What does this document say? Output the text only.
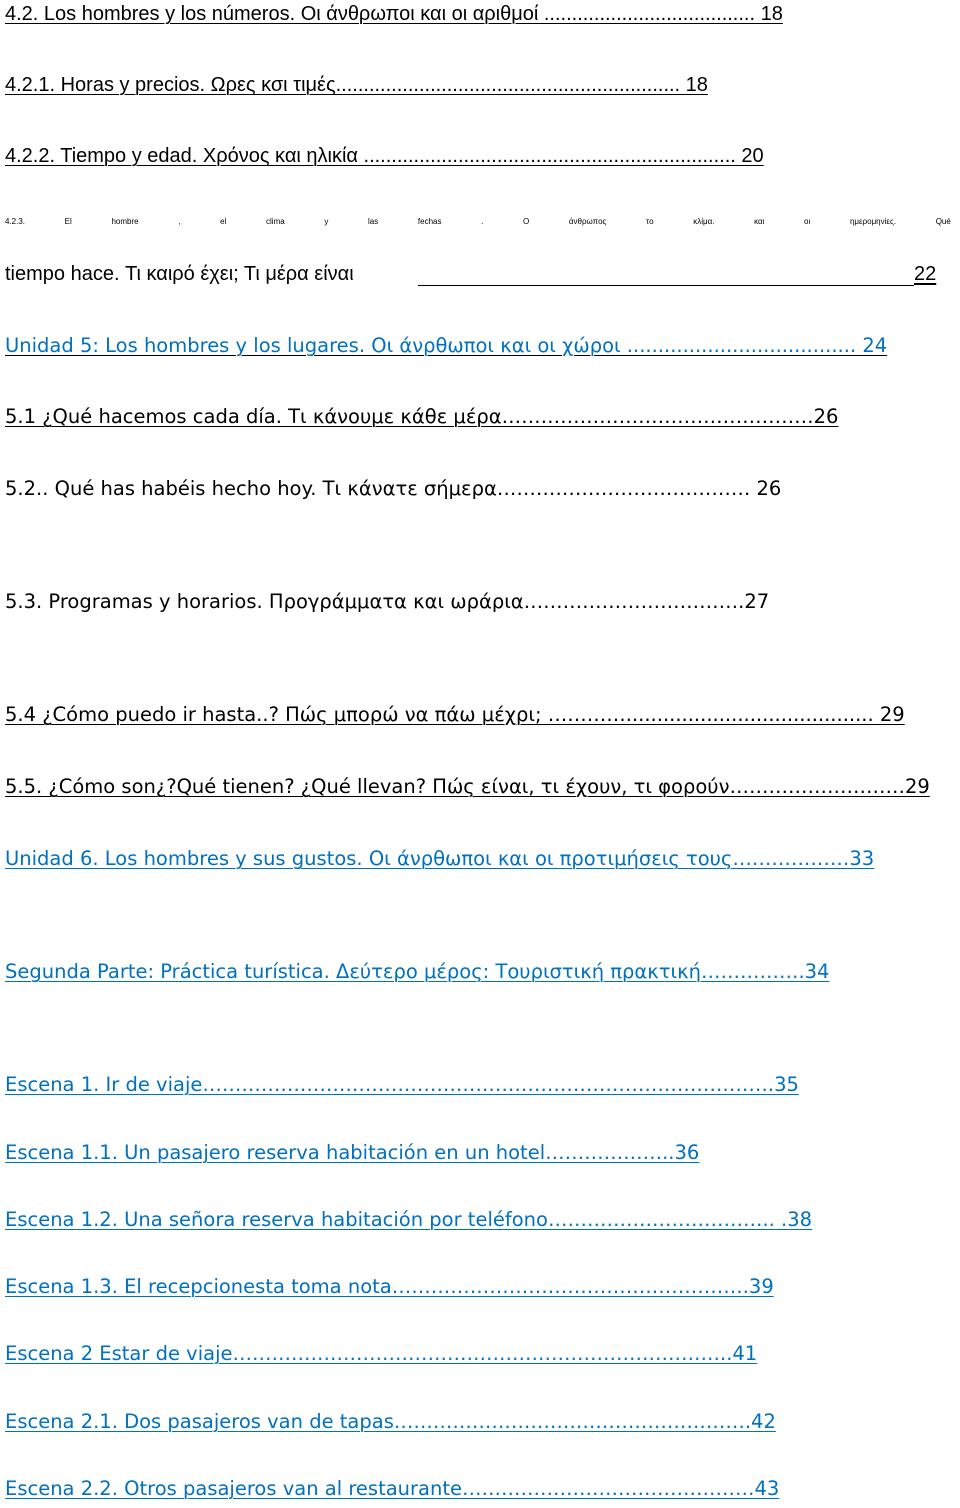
4.2. Los hombres y los números. Οι άνθρωποι και οι αριθμοί ...................................... 18
4.2.1. Horas y precios. Ωρες κσι τιμές.............................................................. 18
4.2.2. Tiempo y edad. Χρόνος και ηλικία ................................................................... 20
4.2.3.	El	hombre	,	el	clima	y	las	fechas	.	Ο	άνθρωπος	το	κλίμα.	και	οι	ημερομηνίες.	Qué
tiempo hace. Τι καιρό έχει; Τι μέρα είναι	22
Unidad 5: Los hombres y los lugares. Οι άνρθωποι και οι χώροι ..................................... 24
5.1 ¿Qué hacemos cada día. Τι κάνουμε κάθε μέρα…………………………………………26
5.2.. Qué has habéis hecho hoy. Τι κάνατε σήμερα………………………………… 26
5.3. Programas y horarios. Προγράμματα και ωράρια…………………………….27
5.4 ¿Cómo puedo ir hasta..? Πώς μπορώ να πάω μέχρι; …………........................................ 29
5.5. ¿Cómo son¿?Qué tienen? ¿Qué llevan? Πώς είναι, τι έχουν, τι φορούν………………………29
Unidad 6. Los hombres y sus gustos. Οι άνρθωποι και οι προτιμήσεις τους………………33
Segunda Parte: Práctica turística. Δεύτερο μέρος: Τουριστική πρακτική…………….34
Escena 1. Ir de viaje…………………………………………………………………………….35
Escena 1.1. Un pasajero reserva habitación en un hotel………………..36
Escena 1.2. Una señora reserva habitación por teléfono…………………………….. .38
Escena 1.3. El recepcionesta toma nota……………………………………………….39
Escena 2 Estar de viaje…………………………………………………………………..41
Escena 2.1. Dos pasajeros van de tapas……………………………………………….42
Escena 2.2. Otros pasajeros van al restaurante………………………………………43
